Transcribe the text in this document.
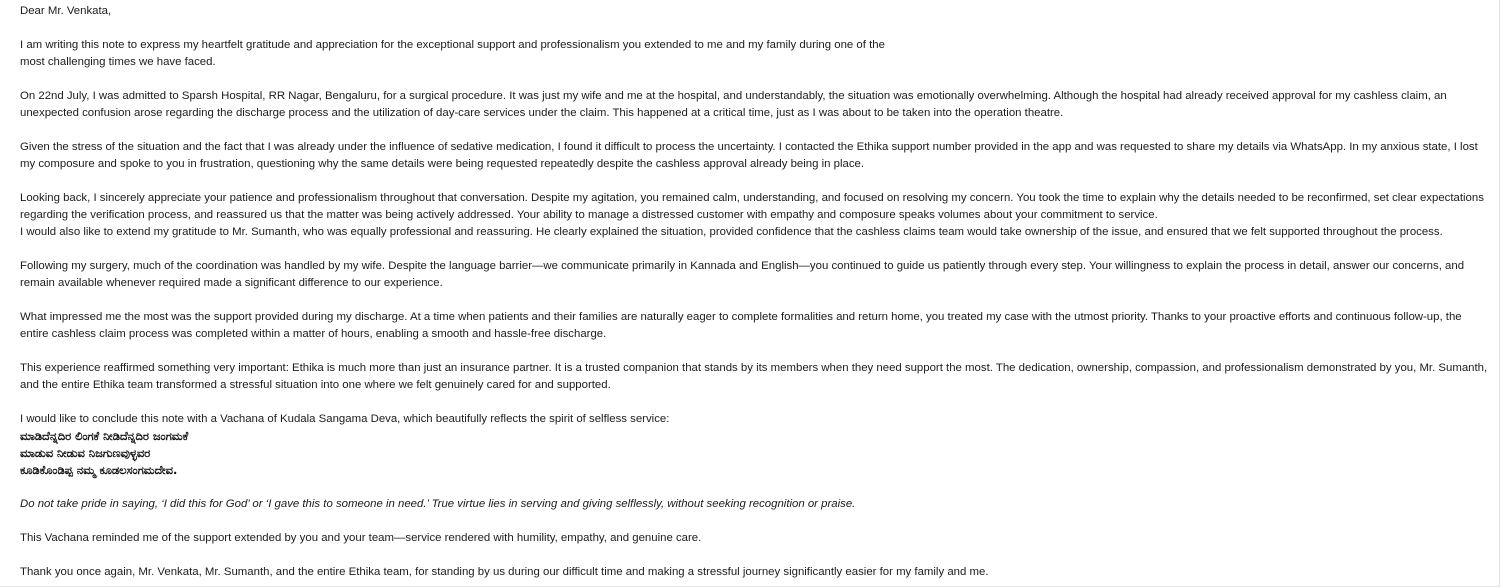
Dear Mr. Venkata,

I am writing this note to express my heartfelt gratitude and appreciation for the exceptional support and professionalism you extended to me and my family during one of the most challenging times we have faced.

On 22nd July, I was admitted to Sparsh Hospital, RR Nagar, Bengaluru, for a surgical procedure. It was just my wife and me at the hospital, and understandably, the situation was emotionally overwhelming. Although the hospital had already received approval for my cashless claim, an unexpected confusion arose regarding the discharge process and the utilization of day-care services under the claim. This happened at a critical time, just as I was about to be taken into the operation theatre.

Given the stress of the situation and the fact that I was already under the influence of sedative medication, I found it difficult to process the uncertainty. I contacted the Ethika support number provided in the app and was requested to share my details via WhatsApp. In my anxious state, I lost my composure and spoke to you in frustration, questioning why the same details were being requested repeatedly despite the cashless approval already being in place.

Looking back, I sincerely appreciate your patience and professionalism throughout that conversation. Despite my agitation, you remained calm, understanding, and focused on resolving my concern. You took the time to explain why the details needed to be reconfirmed, set clear expectations regarding the verification process, and reassured us that the matter was being actively addressed. Your ability to manage a distressed customer with empathy and composure speaks volumes about your commitment to service.

I would also like to extend my gratitude to Mr. Sumanth, who was equally professional and reassuring. He clearly explained the situation, provided confidence that the cashless claims team would take ownership of the issue, and ensured that we felt supported throughout the process.

Following my surgery, much of the coordination was handled by my wife. Despite the language barrier—we communicate primarily in Kannada and English—you continued to guide us patiently through every step. Your willingness to explain the process in detail, answer our concerns, and remain available whenever required made a significant difference to our experience.

What impressed me the most was the support provided during my discharge. At a time when patients and their families are naturally eager to complete formalities and return home, you treated my case with the utmost priority. Thanks to your proactive efforts and continuous follow-up, the entire cashless claim process was completed within a matter of hours, enabling a smooth and hassle-free discharge.

This experience reaffirmed something very important: Ethika is much more than just an insurance partner. It is a trusted companion that stands by its members when they need support the most. The dedication, ownership, compassion, and professionalism demonstrated by you, Mr. Sumanth, and the entire Ethika team transformed a stressful situation into one where we felt genuinely cared for and supported.

I would like to conclude this note with a Vachana of Kudala Sangama Deva, which beautifully reflects the spirit of selfless service:

ಮಾಡಿದೆನ್ನದಿರ ಲಿಂಗಕೆ ನೀಡಿದೆನ್ನದಿರ ಜಂಗಮಕೆ
ಮಾಡುವ ನೀಡುವ ನಿಜಗುಣವುಳ್ಳವರ
ಕೂಡಿಕೊಂಡಿಪ್ಪ ನಮ್ಮ ಕೂಡಲಸಂಗಮದೇವ.

Do not take pride in saying, ‘I did this for God’ or ‘I gave this to someone in need.’ True virtue lies in serving and giving selflessly, without seeking recognition or praise.

This Vachana reminded me of the support extended by you and your team—service rendered with humility, empathy, and genuine care.

Thank you once again, Mr. Venkata, Mr. Sumanth, and the entire Ethika team, for standing by us during our difficult time and making a stressful journey significantly easier for my family and me.
